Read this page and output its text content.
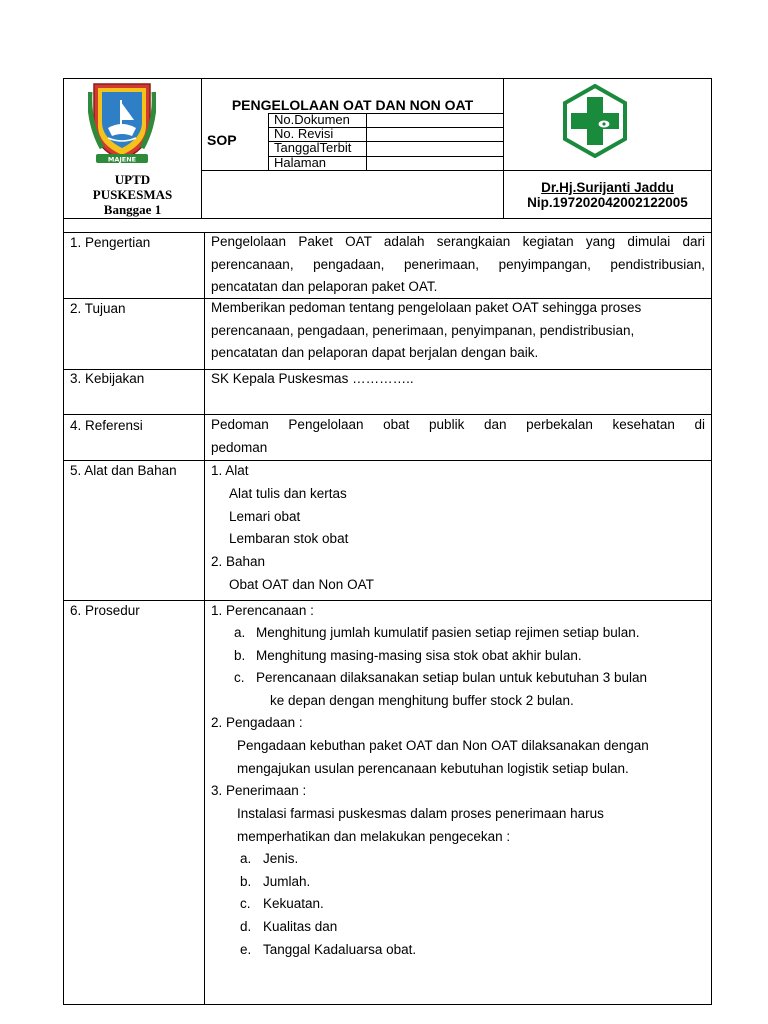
MAJENE
UPTD
PUSKESMAS
Banggae 1
PENGELOLAAN OAT DAN NON OAT
SOP
No.Dokumen
No. Revisi
TanggalTerbit
Halaman
Dr.Hj.Surijanti Jaddu
Nip.197202042002122005
1. Pengertian	Pengelolaan Paket OAT adalah serangkaian kegiatan yang dimulai dari
perencanaan, pengadaan, penerimaan, penyimpangan, pendistribusian,
pencatatan dan pelaporan paket OAT.
2. Tujuan	Memberikan pedoman tentang pengelolaan paket OAT sehingga proses
perencanaan, pengadaan, penerimaan, penyimpanan, pendistribusian,
pencatatan dan pelaporan dapat berjalan dengan baik.
3. Kebijakan	SK Kepala Puskesmas …………..
4. Referensi	Pedoman Pengelolaan obat publik dan perbekalan kesehatan di
pedoman
5. Alat dan Bahan	1. Alat
Alat tulis dan kertas
Lemari obat
Lembaran stok obat
2. Bahan
Obat OAT dan Non OAT
6. Prosedur	1. Perencanaan :
a. Menghitung jumlah kumulatif pasien setiap rejimen setiap bulan.
b. Menghitung masing-masing sisa stok obat akhir bulan.
c. Perencanaan dilaksanakan setiap bulan untuk kebutuhan 3 bulan
ke depan dengan menghitung buffer stock 2 bulan.
2. Pengadaan :
Pengadaan kebuthan paket OAT dan Non OAT dilaksanakan dengan
mengajukan usulan perencanaan kebutuhan logistik setiap bulan.
3. Penerimaan :
Instalasi farmasi puskesmas dalam proses penerimaan harus
memperhatikan dan melakukan pengecekan :
a. Jenis.
b. Jumlah.
c. Kekuatan.
d. Kualitas dan
e. Tanggal Kadaluarsa obat.
